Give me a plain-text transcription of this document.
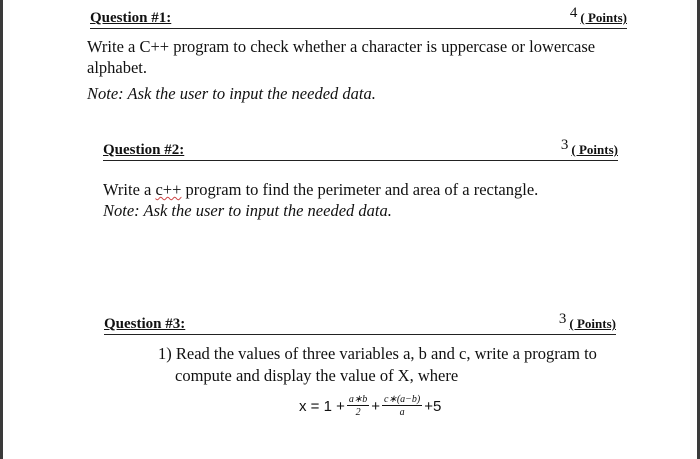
Question #1:	4 ( Points)
Write a C++ program to check whether a character is uppercase or lowercase alphabet.
Note: Ask the user to input the needed data.
Question #2:	3 ( Points)
Write a c++ program to find the perimeter and area of a rectangle.
Note: Ask the user to input the needed data.
Question #3:	3 ( Points)
1) Read the values of three variables a, b and c, write a program to
compute and display the value of X, where
$x = 1 + \frac{a∗b}{2} + \frac{c∗(a-b)}{a} +5$
